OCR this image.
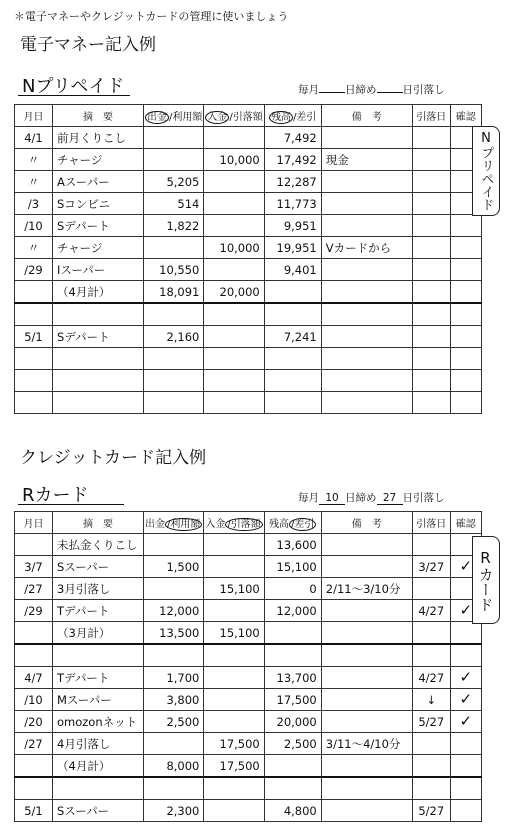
＊電子マネーやクレジットカードの管理に使いましょう
電子マネー記入例
Nプリペイド	毎月 日締め 日引落し
月日	摘　要	出金 /利用額	入金 /引落額	残高 /差引	備　考	引落日	確認
4/1	前月くりこし			7,492			
〃	チャージ		10,000	17,492	現金		
〃	Aスーパー	5,205		12,287			
/3	Sコンビニ	514		11,773			
/10	Sデパート	1,822		9,951			
〃	チャージ		10,000	19,951	Vカードから		
/29	Iスーパー	10,550		9,401			
	（4月計）	18,091	20,000				

5/1	Sデパート	2,160		7,241			

Nプリペイド
クレジットカード記入例
Rカード	毎月 10 日締め 27 日引落し
月日	摘　要	出金 /利用額	入金 /引落額	残高 /差引	備　考	引落日	確認
	未払金くりこし			13,600			
3/7	Sスーパー	1,500		15,100		3/27	✓
/27	3月引落し		15,100	0	2/11～3/10分		
/29	Tデパート	12,000		12,000		4/27	✓
	（3月計）	13,500	15,100				

4/7	Tデパート	1,700		13,700		4/27	✓
/10	Mスーパー	3,800		17,500		↓	✓
/20	omozonネット	2,500		20,000		5/27	✓
/27	4月引落し		17,500	2,500	3/11～4/10分		
	（4月計）	8,000	17,500				

5/1	Sスーパー	2,300		4,800		5/27	
Rカード
